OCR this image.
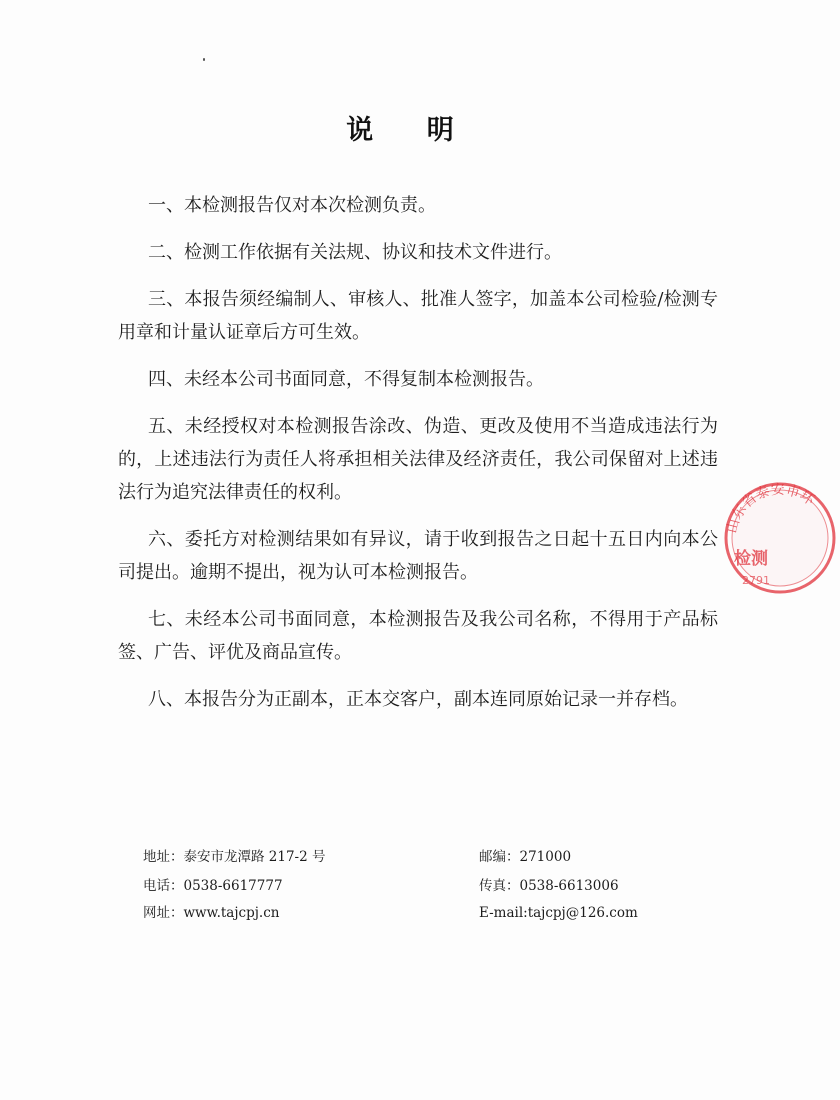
说 明

一、本检测报告仅对本次检测负责。

二、检测工作依据有关法规、协议和技术文件进行。

三、本报告须经编制人、审核人、批准人签字，加盖本公司检验/检测专用章和计量认证章后方可生效。

四、未经本公司书面同意，不得复制本检测报告。

五、未经授权对本检测报告涂改、伪造、更改及使用不当造成违法行为的，上述违法行为责任人将承担相关法律及经济责任，我公司保留对上述违法行为追究法律责任的权利。

六、委托方对检测结果如有异议，请于收到报告之日起十五日内向本公司提出。逾期不提出，视为认可本检测报告。

七、未经本公司书面同意，本检测报告及我公司名称，不得用于产品标签、广告、评优及商品宣传。

八、本报告分为正副本，正本交客户，副本连同原始记录一并存档。

地址：泰安市龙潭路 217-2 号	邮编：271000
电话：0538-6617777	传真：0538-6613006
网址：www.tajcpj.cn	E-mail:tajcpj@126.com
山东省泰安市环
检测
2791
